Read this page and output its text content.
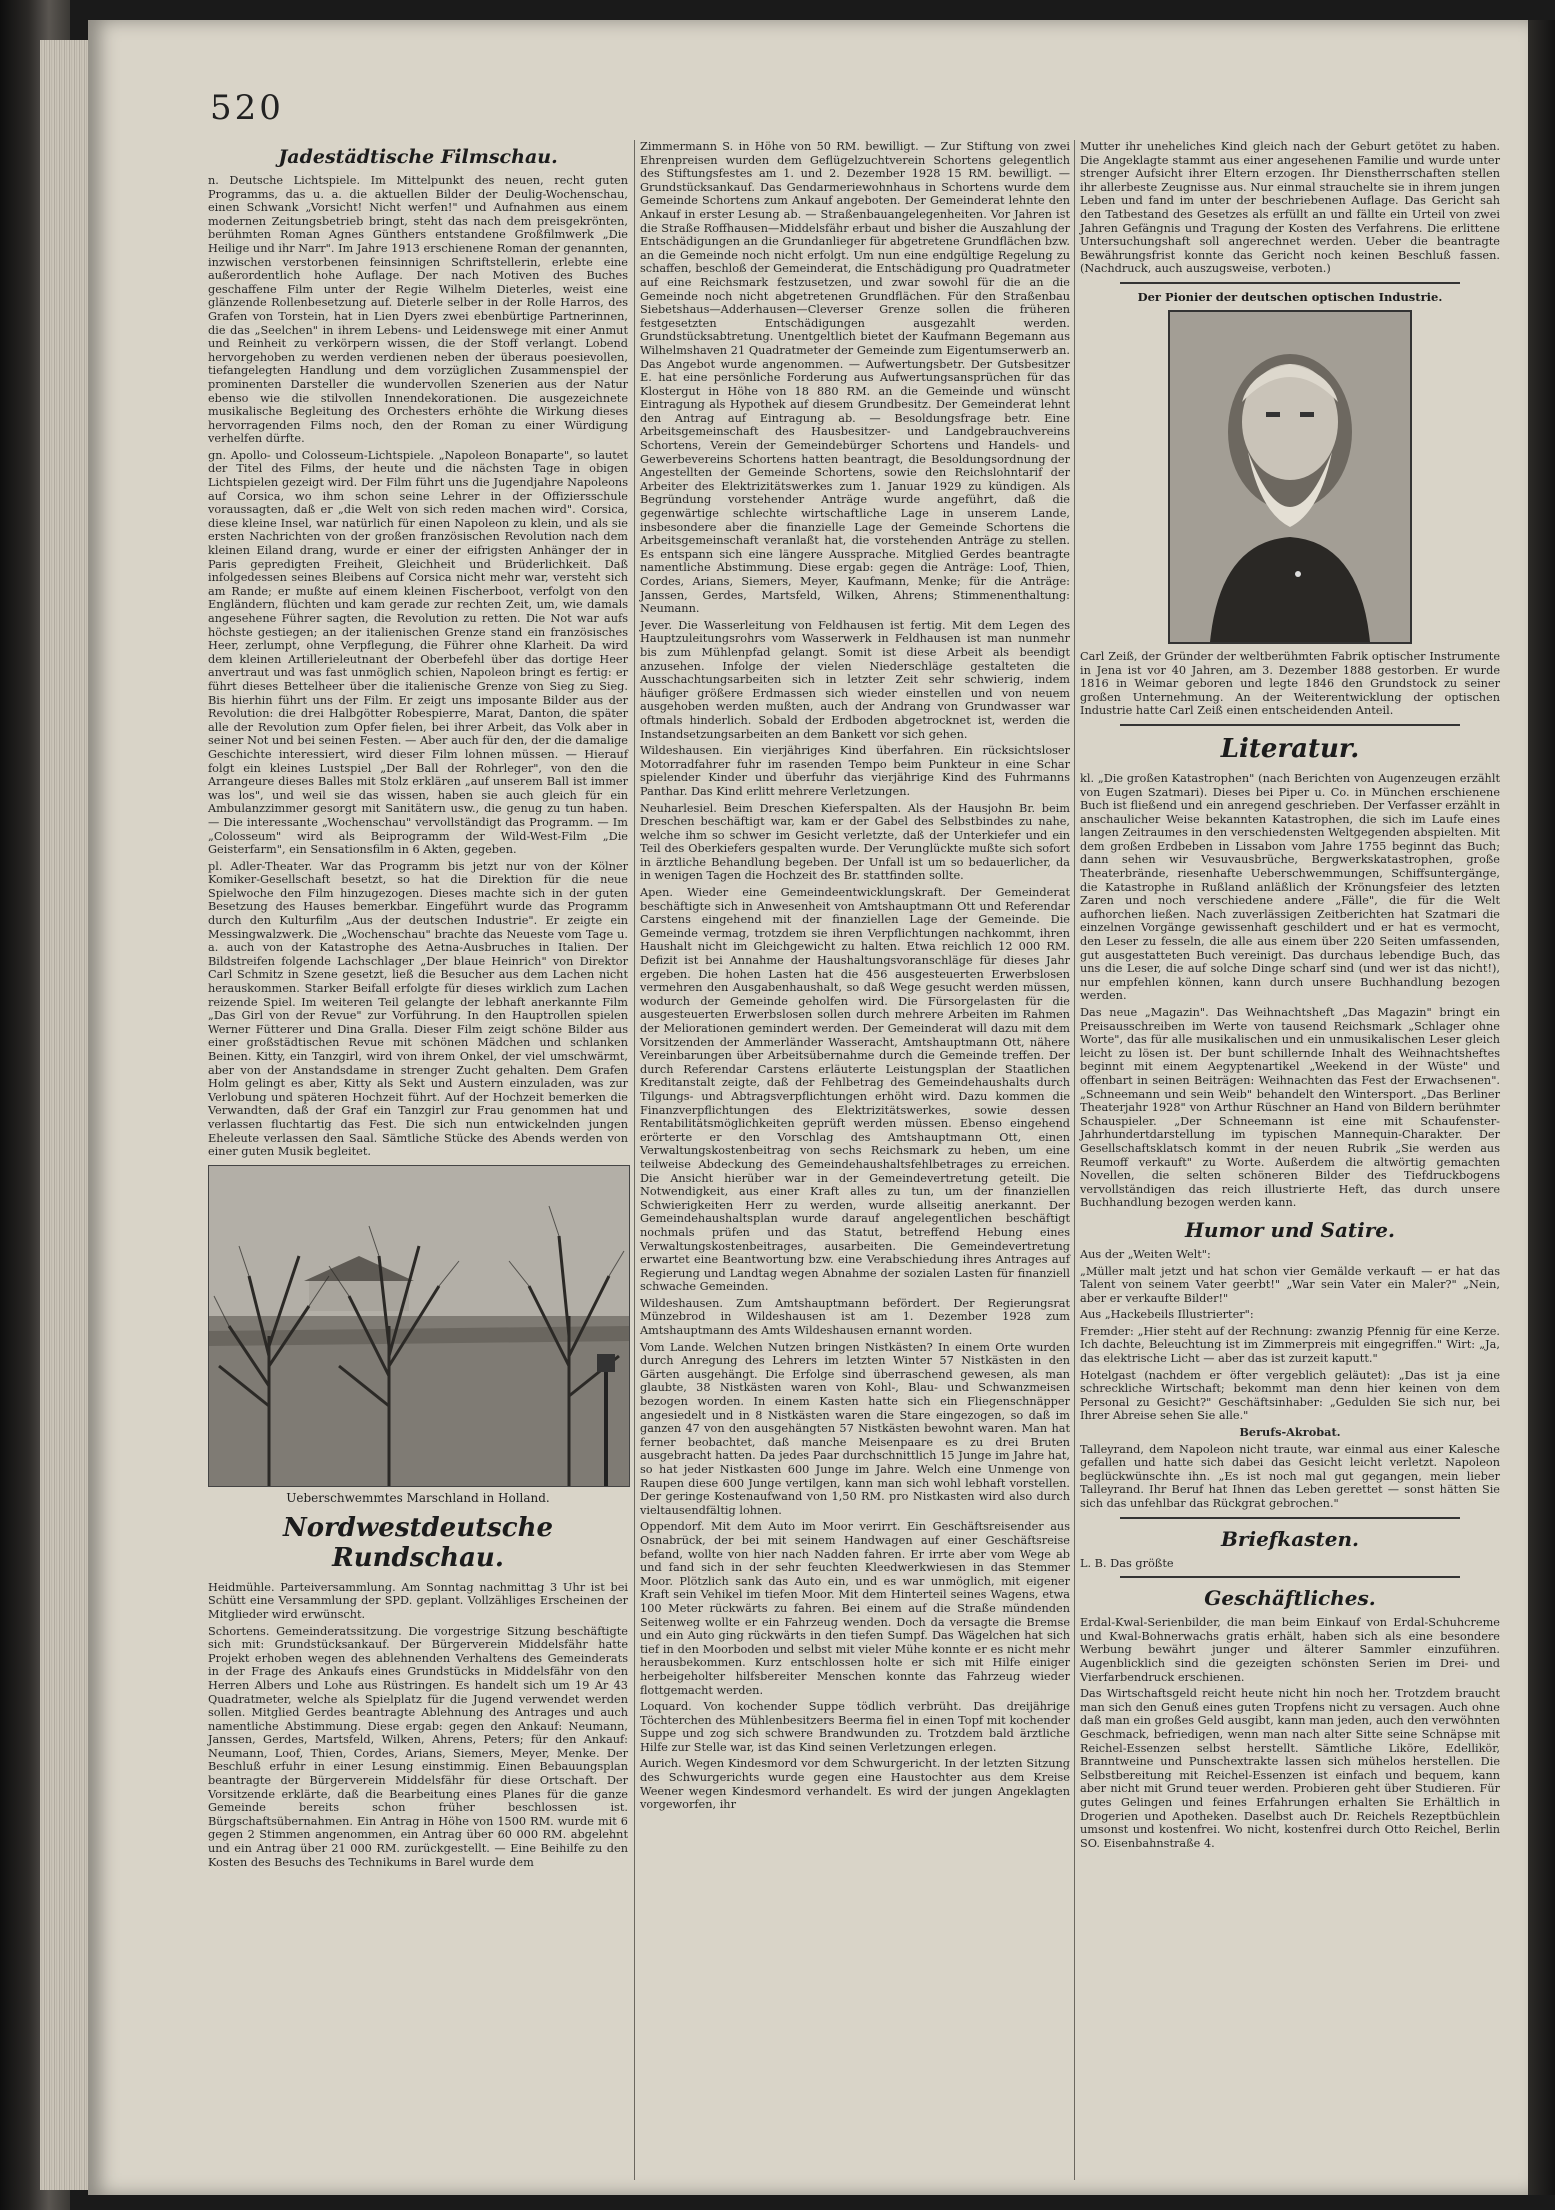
520
Jadestädtische Filmschau.

n. Deutsche Lichtspiele. Im Mittelpunkt des neuen, recht guten Programms, das u. a. die aktuellen Bilder der Deulig-Wochenschau, einen Schwank „Vorsicht! Nicht werfen!" und Aufnahmen aus einem modernen Zeitungsbetrieb bringt, steht das nach dem preisgekrönten, berühmten Roman Agnes Günthers entstandene Großfilmwerk „Die Heilige und ihr Narr". Im Jahre 1913 erschienene Roman der genannten, inzwischen verstorbenen feinsinnigen Schriftstellerin, erlebte eine außerordentlich hohe Auflage. Der nach Motiven des Buches geschaffene Film unter der Regie Wilhelm Dieterles, weist eine glänzende Rollenbesetzung auf. Dieterle selber in der Rolle Harros, des Grafen von Torstein, hat in Lien Dyers zwei ebenbürtige Partnerinnen, die das „Seelchen" in ihrem Lebens- und Leidenswege mit einer Anmut und Reinheit zu verkörpern wissen, die der Stoff verlangt. Lobend hervorgehoben zu werden verdienen neben der überaus poesievollen, tiefangelegten Handlung und dem vorzüglichen Zusammenspiel der prominenten Darsteller die wundervollen Szenerien aus der Natur ebenso wie die stilvollen Innendekorationen. Die ausgezeichnete musikalische Begleitung des Orchesters erhöhte die Wirkung dieses hervorragenden Films noch, den der Roman zu einer Würdigung verhelfen dürfte.

gn. Apollo- und Colosseum-Lichtspiele. „Napoleon Bonaparte", so lautet der Titel des Films, der heute und die nächsten Tage in obigen Lichtspielen gezeigt wird. Der Film führt uns die Jugendjahre Napoleons auf Corsica, wo ihm schon seine Lehrer in der Offiziersschule voraussagten, daß er „die Welt von sich reden machen wird". Corsica, diese kleine Insel, war natürlich für einen Napoleon zu klein, und als sie ersten Nachrichten von der großen französischen Revolution nach dem kleinen Eiland drang, wurde er einer der eifrigsten Anhänger der in Paris gepredigten Freiheit, Gleichheit und Brüderlichkeit. Daß infolgedessen seines Bleibens auf Corsica nicht mehr war, versteht sich am Rande; er mußte auf einem kleinen Fischerboot, verfolgt von den Engländern, flüchten und kam gerade zur rechten Zeit, um, wie damals angesehene Führer sagten, die Revolution zu retten. Die Not war aufs höchste gestiegen; an der italienischen Grenze stand ein französisches Heer, zerlumpt, ohne Verpflegung, die Führer ohne Klarheit. Da wird dem kleinen Artillerieleutnant der Oberbefehl über das dortige Heer anvertraut und was fast unmöglich schien, Napoleon bringt es fertig: er führt dieses Bettelheer über die italienische Grenze von Sieg zu Sieg. Bis hierhin führt uns der Film. Er zeigt uns imposante Bilder aus der Revolution: die drei Halbgötter Robespierre, Marat, Danton, die später alle der Revolution zum Opfer fielen, bei ihrer Arbeit, das Volk aber in seiner Not und bei seinen Festen. — Aber auch für den, der die damalige Geschichte interessiert, wird dieser Film lohnen müssen. — Hierauf folgt ein kleines Lustspiel „Der Ball der Rohrleger", von den die Arrangeure dieses Balles mit Stolz erklären „auf unserem Ball ist immer was los", und weil sie das wissen, haben sie auch gleich für ein Ambulanzzimmer gesorgt mit Sanitätern usw., die genug zu tun haben. — Die interessante „Wochenschau" vervollständigt das Programm. — Im „Colosseum" wird als Beiprogramm der Wild-West-Film „Die Geisterfarm", ein Sensationsfilm in 6 Akten, gegeben.

pl. Adler-Theater. War das Programm bis jetzt nur von der Kölner Komiker-Gesellschaft besetzt, so hat die Direktion für die neue Spielwoche den Film hinzugezogen. Dieses machte sich in der guten Besetzung des Hauses bemerkbar. Eingeführt wurde das Programm durch den Kulturfilm „Aus der deutschen Industrie". Er zeigte ein Messingwalzwerk. Die „Wochenschau" brachte das Neueste vom Tage u. a. auch von der Katastrophe des Aetna-Ausbruches in Italien. Der Bildstreifen folgende Lachschlager „Der blaue Heinrich" von Direktor Carl Schmitz in Szene gesetzt, ließ die Besucher aus dem Lachen nicht herauskommen. Starker Beifall erfolgte für dieses wirklich zum Lachen reizende Spiel. Im weiteren Teil gelangte der lebhaft anerkannte Film „Das Girl von der Revue" zur Vorführung. In den Hauptrollen spielen Werner Fütterer und Dina Gralla. Dieser Film zeigt schöne Bilder aus einer großstädtischen Revue mit schönen Mädchen und schlanken Beinen. Kitty, ein Tanzgirl, wird von ihrem Onkel, der viel umschwärmt, aber von der Anstandsdame in strenger Zucht gehalten. Dem Grafen Holm gelingt es aber, Kitty als Sekt und Austern einzuladen, was zur Verlobung und späteren Hochzeit führt. Auf der Hochzeit bemerken die Verwandten, daß der Graf ein Tanzgirl zur Frau genommen hat und verlassen fluchtartig das Fest. Die sich nun entwickelnden jungen Eheleute verlassen den Saal. Sämtliche Stücke des Abends werden von einer guten Musik begleitet.

Ueberschwemmtes Marschland in Holland.
Nordwestdeutsche Rundschau.

Heidmühle. Parteiversammlung. Am Sonntag nachmittag 3 Uhr ist bei Schütt eine Versammlung der SPD. geplant. Vollzähliges Erscheinen der Mitglieder wird erwünscht.

Schortens. Gemeinderatssitzung. Die vorgestrige Sitzung beschäftigte sich mit: Grundstücksankauf. Der Bürgerverein Middelsfähr hatte Projekt erhoben wegen des ablehnenden Verhaltens des Gemeinderats in der Frage des Ankaufs eines Grundstücks in Middelsfähr von den Herren Albers und Lohe aus Rüstringen. Es handelt sich um 19 Ar 43 Quadratmeter, welche als Spielplatz für die Jugend verwendet werden sollen. Mitglied Gerdes beantragte Ablehnung des Antrages und auch namentliche Abstimmung. Diese ergab: gegen den Ankauf: Neumann, Janssen, Gerdes, Martsfeld, Wilken, Ahrens, Peters; für den Ankauf: Neumann, Loof, Thien, Cordes, Arians, Siemers, Meyer, Menke. Der Beschluß erfuhr in einer Lesung einstimmig. Einen Bebauungsplan beantragte der Bürgerverein Middelsfähr für diese Ortschaft. Der Vorsitzende erklärte, daß die Bearbeitung eines Planes für die ganze Gemeinde bereits schon früher beschlossen ist. Bürgschaftsübernahmen. Ein Antrag in Höhe von 1500 RM. wurde mit 6 gegen 2 Stimmen angenommen, ein Antrag über 60 000 RM. abgelehnt und ein Antrag über 21 000 RM. zurückgestellt. — Eine Beihilfe zu den Kosten des Besuchs des Technikums in Barel wurde dem

Zimmermann S. in Höhe von 50 RM. bewilligt. — Zur Stiftung von zwei Ehrenpreisen wurden dem Geflügelzuchtverein Schortens gelegentlich des Stiftungsfestes am 1. und 2. Dezember 1928 15 RM. bewilligt. — Grundstücksankauf. Das Gendarmeriewohnhaus in Schortens wurde dem Gemeinde Schortens zum Ankauf angeboten. Der Gemeinderat lehnte den Ankauf in erster Lesung ab. — Straßenbauangelegenheiten. Vor Jahren ist die Straße Roffhausen—Middelsfähr erbaut und bisher die Auszahlung der Entschädigungen an die Grundanlieger für abgetretene Grundflächen bzw. an die Gemeinde noch nicht erfolgt. Um nun eine endgültige Regelung zu schaffen, beschloß der Gemeinderat, die Entschädigung pro Quadratmeter auf eine Reichsmark festzusetzen, und zwar sowohl für die an die Gemeinde noch nicht abgetretenen Grundflächen. Für den Straßenbau Siebetshaus—Adderhausen—Cleverser Grenze sollen die früheren festgesetzten Entschädigungen ausgezahlt werden. Grundstücksabtretung. Unentgeltlich bietet der Kaufmann Begemann aus Wilhelmshaven 21 Quadratmeter der Gemeinde zum Eigentumserwerb an. Das Angebot wurde angenommen. — Aufwertungsbetr. Der Gutsbesitzer E. hat eine persönliche Forderung aus Aufwertungsansprüchen für das Klostergut in Höhe von 18 880 RM. an die Gemeinde und wünscht Eintragung als Hypothek auf diesem Grundbesitz. Der Gemeinderat lehnt den Antrag auf Eintragung ab. — Besoldungsfrage betr. Eine Arbeitsgemeinschaft des Hausbesitzer- und Landgebrauchvereins Schortens, Verein der Gemeindebürger Schortens und Handels- und Gewerbevereins Schortens hatten beantragt, die Besoldungsordnung der Angestellten der Gemeinde Schortens, sowie den Reichslohntarif der Arbeiter des Elektrizitätswerkes zum 1. Januar 1929 zu kündigen. Als Begründung vorstehender Anträge wurde angeführt, daß die gegenwärtige schlechte wirtschaftliche Lage in unserem Lande, insbesondere aber die finanzielle Lage der Gemeinde Schortens die Arbeitsgemeinschaft veranlaßt hat, die vorstehenden Anträge zu stellen. Es entspann sich eine längere Aussprache. Mitglied Gerdes beantragte namentliche Abstimmung. Diese ergab: gegen die Anträge: Loof, Thien, Cordes, Arians, Siemers, Meyer, Kaufmann, Menke; für die Anträge: Janssen, Gerdes, Martsfeld, Wilken, Ahrens; Stimmenenthaltung: Neumann.

Jever. Die Wasserleitung von Feldhausen ist fertig. Mit dem Legen des Hauptzuleitungsrohrs vom Wasserwerk in Feldhausen ist man nunmehr bis zum Mühlenpfad gelangt. Somit ist diese Arbeit als beendigt anzusehen. Infolge der vielen Niederschläge gestalteten die Ausschachtungsarbeiten sich in letzter Zeit sehr schwierig, indem häufiger größere Erdmassen sich wieder einstellen und von neuem ausgehoben werden mußten, auch der Andrang von Grundwasser war oftmals hinderlich. Sobald der Erdboden abgetrocknet ist, werden die Instandsetzungsarbeiten an dem Bankett vor sich gehen.

Wildeshausen. Ein vierjähriges Kind überfahren. Ein rücksichtsloser Motorradfahrer fuhr im rasenden Tempo beim Punkteur in eine Schar spielender Kinder und überfuhr das vierjährige Kind des Fuhrmanns Panthar. Das Kind erlitt mehrere Verletzungen.

Neuharlesiel. Beim Dreschen Kieferspalten. Als der Hausjohn Br. beim Dreschen beschäftigt war, kam er der Gabel des Selbstbindes zu nahe, welche ihm so schwer im Gesicht verletzte, daß der Unterkiefer und ein Teil des Oberkiefers gespalten wurde. Der Verunglückte mußte sich sofort in ärztliche Behandlung begeben. Der Unfall ist um so bedauerlicher, da in wenigen Tagen die Hochzeit des Br. stattfinden sollte.

Apen. Wieder eine Gemeindeentwicklungskraft. Der Gemeinderat beschäftigte sich in Anwesenheit von Amtshauptmann Ott und Referendar Carstens eingehend mit der finanziellen Lage der Gemeinde. Die Gemeinde vermag, trotzdem sie ihren Verpflichtungen nachkommt, ihren Haushalt nicht im Gleichgewicht zu halten. Etwa reichlich 12 000 RM. Defizit ist bei Annahme der Haushaltungsvoranschläge für dieses Jahr ergeben. Die hohen Lasten hat die 456 ausgesteuerten Erwerbslosen vermehren den Ausgabenhaushalt, so daß Wege gesucht werden müssen, wodurch der Gemeinde geholfen wird. Die Fürsorgelasten für die ausgesteuerten Erwerbslosen sollen durch mehrere Arbeiten im Rahmen der Meliorationen gemindert werden. Der Gemeinderat will dazu mit dem Vorsitzenden der Ammerländer Wasseracht, Amtshauptmann Ott, nähere Vereinbarungen über Arbeitsübernahme durch die Gemeinde treffen. Der durch Referendar Carstens erläuterte Leistungsplan der Staatlichen Kreditanstalt zeigte, daß der Fehlbetrag des Gemeindehaushalts durch Tilgungs- und Abtragsverpflichtungen erhöht wird. Dazu kommen die Finanzverpflichtungen des Elektrizitätswerkes, sowie dessen Rentabilitätsmöglichkeiten geprüft werden müssen. Ebenso eingehend erörterte er den Vorschlag des Amtshauptmann Ott, einen Verwaltungskostenbeitrag von sechs Reichsmark zu heben, um eine teilweise Abdeckung des Gemeindehaushaltsfehlbetrages zu erreichen. Die Ansicht hierüber war in der Gemeindevertretung geteilt. Die Notwendigkeit, aus einer Kraft alles zu tun, um der finanziellen Schwierigkeiten Herr zu werden, wurde allseitig anerkannt. Der Gemeindehaushaltsplan wurde darauf angelegentlichen beschäftigt nochmals prüfen und das Statut, betreffend Hebung eines Verwaltungskostenbeitrages, ausarbeiten. Die Gemeindevertretung erwartet eine Beantwortung bzw. eine Verabschiedung ihres Antrages auf Regierung und Landtag wegen Abnahme der sozialen Lasten für finanziell schwache Gemeinden.

Wildeshausen. Zum Amtshauptmann befördert. Der Regierungsrat Münzebrod in Wildeshausen ist am 1. Dezember 1928 zum Amtshauptmann des Amts Wildeshausen ernannt worden.

Vom Lande. Welchen Nutzen bringen Nistkästen? In einem Orte wurden durch Anregung des Lehrers im letzten Winter 57 Nistkästen in den Gärten ausgehängt. Die Erfolge sind überraschend gewesen, als man glaubte, 38 Nistkästen waren von Kohl-, Blau- und Schwanzmeisen bezogen worden. In einem Kasten hatte sich ein Fliegenschnäpper angesiedelt und in 8 Nistkästen waren die Stare eingezogen, so daß im ganzen 47 von den ausgehängten 57 Nistkästen bewohnt waren. Man hat ferner beobachtet, daß manche Meisenpaare es zu drei Bruten ausgebracht hatten. Da jedes Paar durchschnittlich 15 Junge im Jahre hat, so hat jeder Nistkasten 600 Junge im Jahre. Welch eine Unmenge von Raupen diese 600 Junge vertilgen, kann man sich wohl lebhaft vorstellen. Der geringe Kostenaufwand von 1,50 RM. pro Nistkasten wird also durch vieltausendfältig lohnen.

Oppendorf. Mit dem Auto im Moor verirrt. Ein Geschäftsreisender aus Osnabrück, der bei mit seinem Handwagen auf einer Geschäftsreise befand, wollte von hier nach Nadden fahren. Er irrte aber vom Wege ab und fand sich in der sehr feuchten Kleedwerkwiesen in das Stemmer Moor. Plötzlich sank das Auto ein, und es war unmöglich, mit eigener Kraft sein Vehikel im tiefen Moor. Mit dem Hinterteil seines Wagens, etwa 100 Meter rückwärts zu fahren. Bei einem auf die Straße mündenden Seitenweg wollte er ein Fahrzeug wenden. Doch da versagte die Bremse und ein Auto ging rückwärts in den tiefen Sumpf. Das Wägelchen hat sich tief in den Moorboden und selbst mit vieler Mühe konnte er es nicht mehr herausbekommen. Kurz entschlossen holte er sich mit Hilfe einiger herbeigeholter hilfsbereiter Menschen konnte das Fahrzeug wieder flottgemacht werden.

Loquard. Von kochender Suppe tödlich verbrüht. Das dreijährige Töchterchen des Mühlenbesitzers Beerma fiel in einen Topf mit kochender Suppe und zog sich schwere Brandwunden zu. Trotzdem bald ärztliche Hilfe zur Stelle war, ist das Kind seinen Verletzungen erlegen.

Aurich. Wegen Kindesmord vor dem Schwurgericht. In der letzten Sitzung des Schwurgerichts wurde gegen eine Haustochter aus dem Kreise Weener wegen Kindesmord verhandelt. Es wird der jungen Angeklagten vorgeworfen, ihr

Mutter ihr uneheliches Kind gleich nach der Geburt getötet zu haben. Die Angeklagte stammt aus einer angesehenen Familie und wurde unter strenger Aufsicht ihrer Eltern erzogen. Ihr Dienstherrschaften stellen ihr allerbeste Zeugnisse aus. Nur einmal strauchelte sie in ihrem jungen Leben und fand im unter der beschriebenen Auflage. Das Gericht sah den Tatbestand des Gesetzes als erfüllt an und fällte ein Urteil von zwei Jahren Gefängnis und Tragung der Kosten des Verfahrens. Die erlittene Untersuchungshaft soll angerechnet werden. Ueber die beantragte Bewährungsfrist konnte das Gericht noch keinen Beschluß fassen. (Nachdruck, auch auszugsweise, verboten.)

Der Pionier der deutschen optischen Industrie.

Carl Zeiß, der Gründer der weltberühmten Fabrik optischer Instrumente in Jena ist vor 40 Jahren, am 3. Dezember 1888 gestorben. Er wurde 1816 in Weimar geboren und legte 1846 den Grundstock zu seiner großen Unternehmung. An der Weiterentwicklung der optischen Industrie hatte Carl Zeiß einen entscheidenden Anteil.

Literatur.

kl. „Die großen Katastrophen" (nach Berichten von Augenzeugen erzählt von Eugen Szatmari). Dieses bei Piper u. Co. in München erschienene Buch ist fließend und ein anregend geschrieben. Der Verfasser erzählt in anschaulicher Weise bekannten Katastrophen, die sich im Laufe eines langen Zeitraumes in den verschiedensten Weltgegenden abspielten. Mit dem großen Erdbeben in Lissabon vom Jahre 1755 beginnt das Buch; dann sehen wir Vesuvausbrüche, Bergwerkskatastrophen, große Theaterbrände, riesenhafte Ueberschwemmungen, Schiffsuntergänge, die Katastrophe in Rußland anläßlich der Krönungsfeier des letzten Zaren und noch verschiedene andere „Fälle", die für die Welt aufhorchen ließen. Nach zuverlässigen Zeitberichten hat Szatmari die einzelnen Vorgänge gewissenhaft geschildert und er hat es vermocht, den Leser zu fesseln, die alle aus einem über 220 Seiten umfassenden, gut ausgestatteten Buch vereinigt. Das durchaus lebendige Buch, das uns die Leser, die auf solche Dinge scharf sind (und wer ist das nicht!), nur empfehlen können, kann durch unsere Buchhandlung bezogen werden.

Das neue „Magazin". Das Weihnachtsheft „Das Magazin" bringt ein Preisausschreiben im Werte von tausend Reichsmark „Schlager ohne Worte", das für alle musikalischen und ein unmusikalischen Leser gleich leicht zu lösen ist. Der bunt schillernde Inhalt des Weihnachtsheftes beginnt mit einem Aegyptenartikel „Weekend in der Wüste" und offenbart in seinen Beiträgen: Weihnachten das Fest der Erwachsenen". „Schneemann und sein Weib" behandelt den Wintersport. „Das Berliner Theaterjahr 1928" von Arthur Rüschner an Hand von Bildern berühmter Schauspieler. „Der Schneemann ist eine mit Schaufenster-Jahrhundertdarstellung im typischen Mannequin-Charakter. Der Gesellschaftsklatsch kommt in der neuen Rubrik „Sie werden aus Reumoff verkauft" zu Worte. Außerdem die altwörtig gemachten Novellen, die selten schöneren Bilder des Tiefdruckbogens vervollständigen das reich illustrierte Heft, das durch unsere Buchhandlung bezogen werden kann.

Humor und Satire.

Aus der „Weiten Welt":

„Müller malt jetzt und hat schon vier Gemälde verkauft — er hat das Talent von seinem Vater geerbt!" „War sein Vater ein Maler?" „Nein, aber er verkaufte Bilder!"

Aus „Hackebeils Illustrierter":

Fremder: „Hier steht auf der Rechnung: zwanzig Pfennig für eine Kerze. Ich dachte, Beleuchtung ist im Zimmerpreis mit eingegriffen." Wirt: „Ja, das elektrische Licht — aber das ist zurzeit kaputt."

Hotelgast (nachdem er öfter vergeblich geläutet): „Das ist ja eine schreckliche Wirtschaft; bekommt man denn hier keinen von dem Personal zu Gesicht?" Geschäftsinhaber: „Gedulden Sie sich nur, bei Ihrer Abreise sehen Sie alle."

Berufs-Akrobat.

Talleyrand, dem Napoleon nicht traute, war einmal aus einer Kalesche gefallen und hatte sich dabei das Gesicht leicht verletzt. Napoleon beglückwünschte ihn. „Es ist noch mal gut gegangen, mein lieber Talleyrand. Ihr Beruf hat Ihnen das Leben gerettet — sonst hätten Sie sich das unfehlbar das Rückgrat gebrochen."

Briefkasten.

L. B. Das größte

Geschäftliches.

Erdal-Kwal-Serienbilder, die man beim Einkauf von Erdal-Schuhcreme und Kwal-Bohnerwachs gratis erhält, haben sich als eine besondere Werbung bewährt junger und älterer Sammler einzuführen. Augenblicklich sind die gezeigten schönsten Serien im Drei- und Vierfarbendruck erschienen.

Das Wirtschaftsgeld reicht heute nicht hin noch her. Trotzdem braucht man sich den Genuß eines guten Tropfens nicht zu versagen. Auch ohne daß man ein großes Geld ausgibt, kann man jeden, auch den verwöhnten Geschmack, befriedigen, wenn man nach alter Sitte seine Schnäpse mit Reichel-Essenzen selbst herstellt. Sämtliche Liköre, Edellikör, Branntweine und Punschextrakte lassen sich mühelos herstellen. Die Selbstbereitung mit Reichel-Essenzen ist einfach und bequem, kann aber nicht mit Grund teuer werden. Probieren geht über Studieren. Für gutes Gelingen und feines Erfahrungen erhalten Sie Erhältlich in Drogerien und Apotheken. Daselbst auch Dr. Reichels Rezeptbüchlein umsonst und kostenfrei. Wo nicht, kostenfrei durch Otto Reichel, Berlin SO. Eisenbahnstraße 4.
